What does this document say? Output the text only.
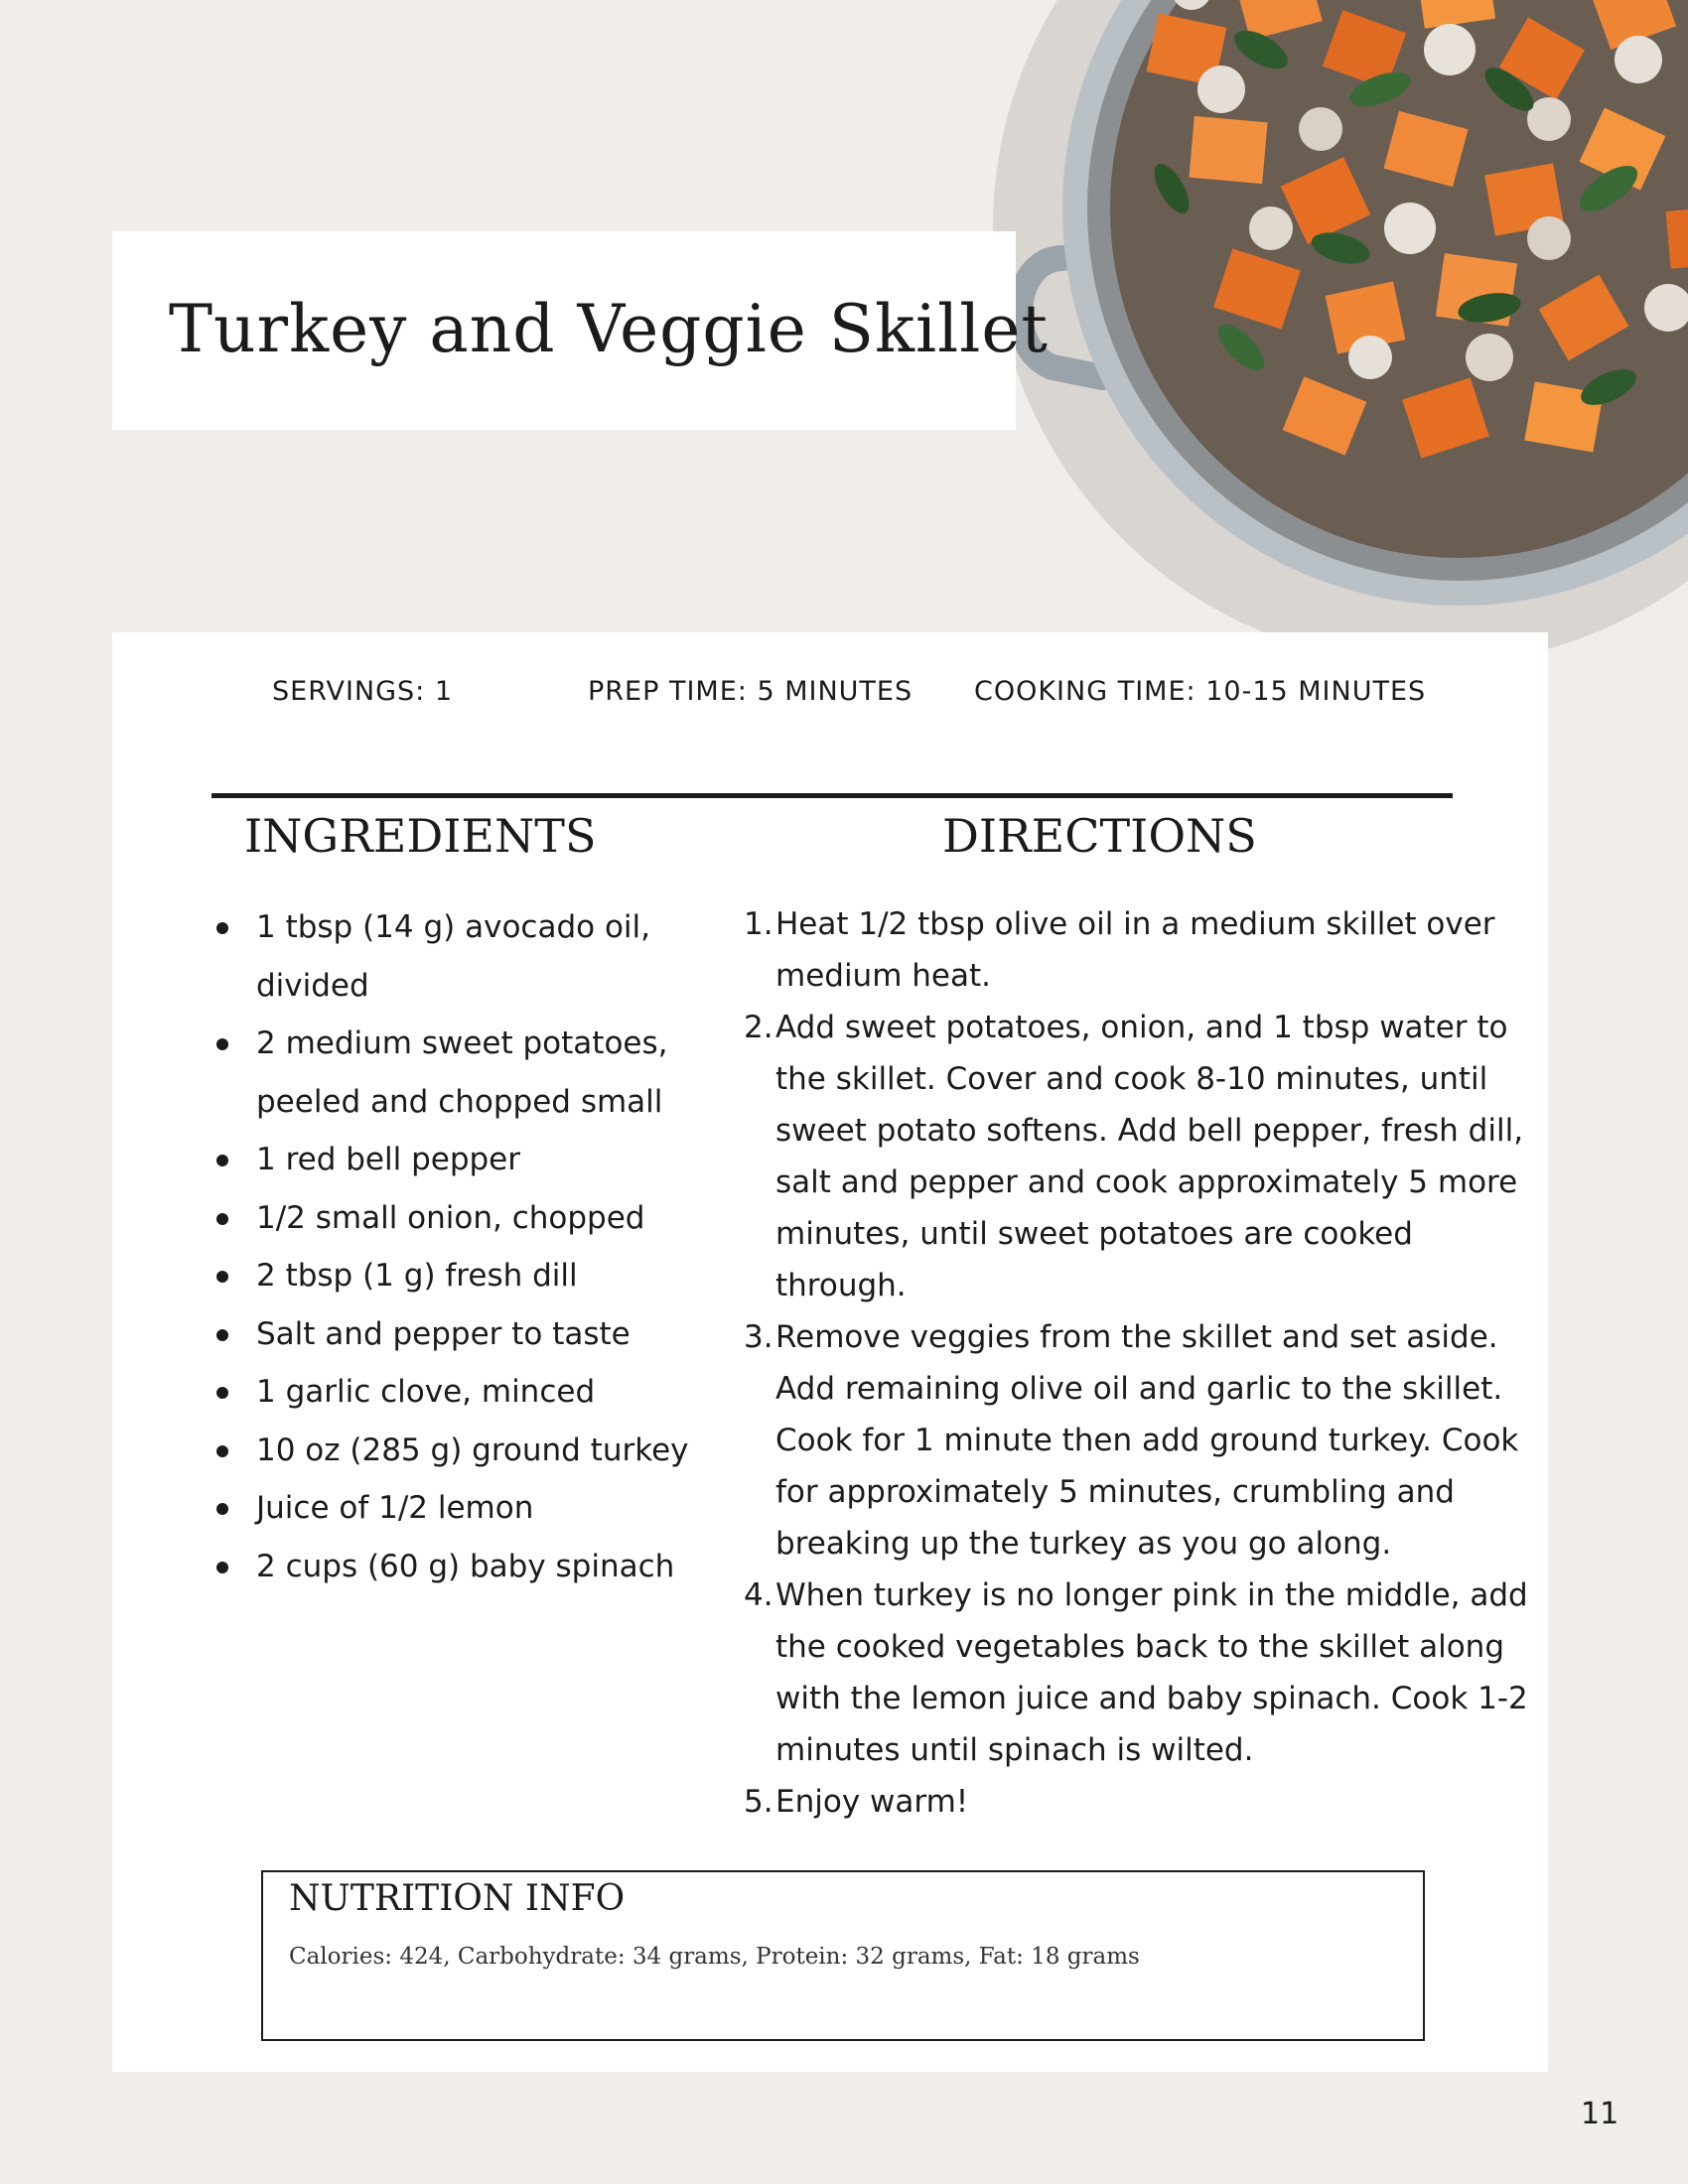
Turkey and Veggie Skillet
SERVINGS: 1	PREP TIME: 5 MINUTES COOKING TIME: 10-15 MINUTES
INGREDIENTS	DIRECTIONS
1 tbsp (14 g) avocado oil, divided
2 medium sweet potatoes, peeled and chopped small
1 red bell pepper
1/2 small onion, chopped
2 tbsp (1 g) fresh dill
Salt and pepper to taste
1 garlic clove, minced
10 oz (285 g) ground turkey
Juice of 1/2 lemon
2 cups (60 g) baby spinach
1. Heat 1/2 tbsp olive oil in a medium skillet over medium heat.
2. Add sweet potatoes, onion, and 1 tbsp water to the skillet. Cover and cook 8-10 minutes, until sweet potato softens. Add bell pepper, fresh dill, salt and pepper and cook approximately 5 more minutes, until sweet potatoes are cooked through.
3. Remove veggies from the skillet and set aside. Add remaining olive oil and garlic to the skillet. Cook for 1 minute then add ground turkey. Cook for approximately 5 minutes, crumbling and breaking up the turkey as you go along.
4. When turkey is no longer pink in the middle, add the cooked vegetables back to the skillet along with the lemon juice and baby spinach. Cook 1-2 minutes until spinach is wilted.
5. Enjoy warm!
NUTRITION INFO

Calories: 424, Carbohydrate: 34 grams, Protein: 32 grams, Fat: 18 grams

11
